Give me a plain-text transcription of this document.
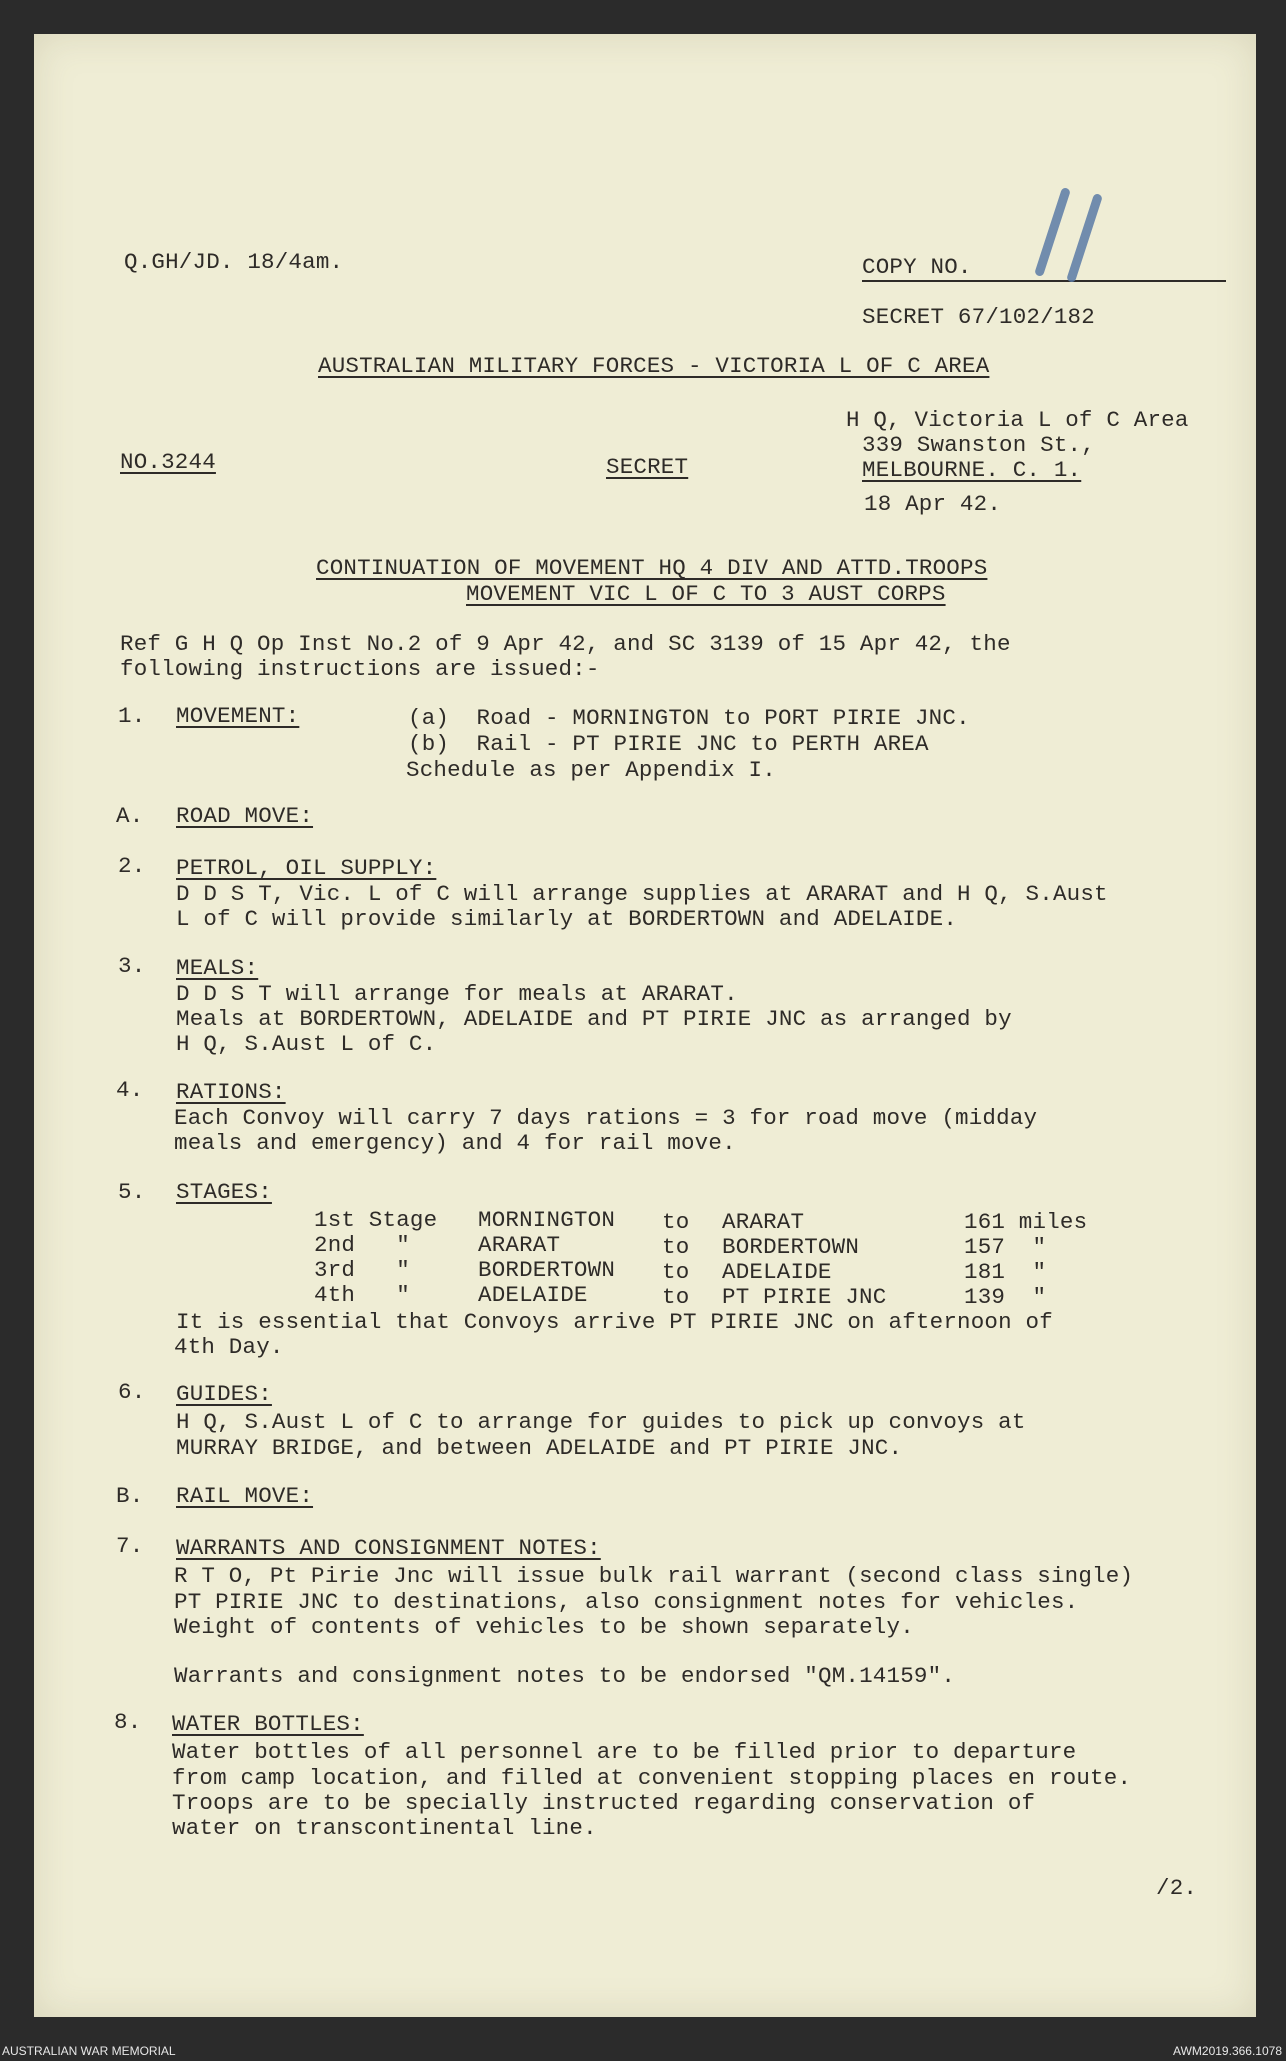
Q.GH/JD. 18/4am.	COPY NO.
SECRET 67/102/182
AUSTRALIAN MILITARY FORCES - VICTORIA L OF C AREA
H Q, Victoria L of C Area
339 Swanston St.,
MELBOURNE. C. 1.
NO.3244	SECRET
18 Apr 42.
CONTINUATION OF MOVEMENT HQ 4 DIV AND ATTD.TROOPS
MOVEMENT VIC L OF C TO 3 AUST CORPS
Ref G H Q Op Inst No.2 of 9 Apr 42, and SC 3139 of 15 Apr 42, the
following instructions are issued:-
1. MOVEMENT:	(a)  Road - MORNINGTON to PORT PIRIE JNC.
(b)  Rail - PT PIRIE JNC to PERTH AREA
Schedule as per Appendix I.
A. ROAD MOVE:
2. PETROL, OIL SUPPLY:
D D S T, Vic. L of C will arrange supplies at ARARAT and H Q, S.Aust
L of C will provide similarly at BORDERTOWN and ADELAIDE.
3. MEALS:
D D S T will arrange for meals at ARARAT.
Meals at BORDERTOWN, ADELAIDE and PT PIRIE JNC as arranged by
H Q, S.Aust L of C.
4. RATIONS:
Each Convoy will carry 7 days rations = 3 for road move (midday
meals and emergency) and 4 for rail move.
5. STAGES:
1st Stage MORNINGTON to ARARAT	161 miles
2nd   "	ARARAT	to BORDERTOWN	157  "
3rd   "	BORDERTOWN to ADELAIDE	181  "
4th   "	ADELAIDE	to PT PIRIE JNC	139  "
It is essential that Convoys arrive PT PIRIE JNC on afternoon of
4th Day.
6. GUIDES:
H Q, S.Aust L of C to arrange for guides to pick up convoys at
MURRAY BRIDGE, and between ADELAIDE and PT PIRIE JNC.
B. RAIL MOVE:
7. WARRANTS AND CONSIGNMENT NOTES:
R T O, Pt Pirie Jnc will issue bulk rail warrant (second class single)
PT PIRIE JNC to destinations, also consignment notes for vehicles.
Weight of contents of vehicles to be shown separately.
Warrants and consignment notes to be endorsed "QM.14159".
8. WATER BOTTLES:
Water bottles of all personnel are to be filled prior to departure
from camp location, and filled at convenient stopping places en route.
Troops are to be specially instructed regarding conservation of
water on transcontinental line.
/2.
AUSTRALIAN WAR MEMORIAL	AWM2019.366.1078
